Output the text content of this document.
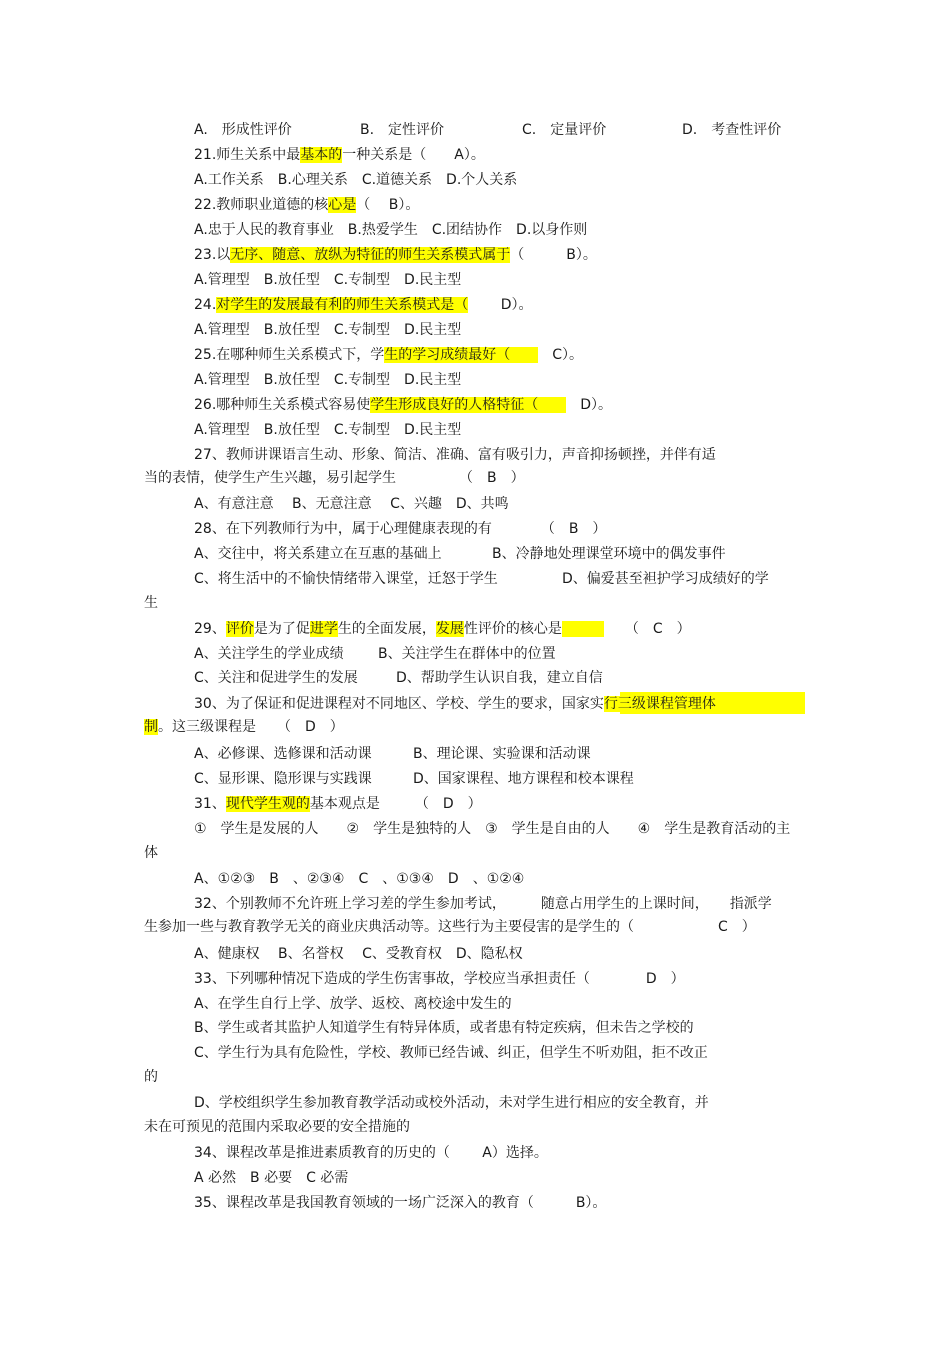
A.　形成性评价	B.　定性评价	C.　定量评价	D.　考查性评价
21.师生关系中最基本的一种关系是（　　A）。
A.工作关系　B.心理关系　C.道德关系　D.个人关系
22.教师职业道德的核心是（　 B）。
A.忠于人民的教育事业　B.热爱学生　C.团结协作　D.以身作则
23.以无序、随意、放纵为特征的师生关系模式属于（　　　B）。
A.管理型　B.放任型　C.专制型　D.民主型
24.对学生的发展最有利的师生关系模式是（　 　D）。
A.管理型　B.放任型　C.专制型　D.民主型
25.在哪种师生关系模式下，学生的学习成绩最好（　　　C）。
A.管理型　B.放任型　C.专制型　D.民主型
26.哪种师生关系模式容易使学生形成良好的人格特征（　　　D）。
A.管理型　B.放任型　C.专制型　D.民主型
27、教师讲课语言生动、形象、简洁、准确、富有吸引力，声音抑扬顿挫，并伴有适
当的表情，使学生产生兴趣，易引起学生　　　　　（　B　）
A、有意注意　 B、无意注意　 C、兴趣　D、共鸣
28、在下列教师行为中，属于心理健康表现的有　　　　（　B　）
A、交往中，将关系建立在互惠的基础上	B、冷静地处理课堂环境中的偶发事件
C、将生活中的不愉快情绪带入课堂，迁怒于学生	D、偏爱甚至袒护学习成绩好的学
生
29、评价是为了促进学生的全面发展，发展性评价的核心是　　　	　　（　C　）
A、关注学生的学业成绩 B、关注学生在群体中的位置
C、关注和促进学生的发展	D、帮助学生认识自我，建立自信
30、为了保证和促进课程对不同地区、学校、学生的要求，国家实行三级课程管理体
制。这三级课程是　　（　D　）
A、必修课、选修课和活动课	B、理论课、实验课和活动课
C、显形课、隐形课与实践课	D、国家课程、地方课程和校本课程
31、现代学生观的基本观点是　　　（　D　）
①　学生是发展的人　　②　学生是独特的人　③　学生是自由的人　　④　学生是教育活动的主
体
A、①②③　B　、②③④　C　、①③④　D　、①②④
32、个别教师不允许班上学习差的学生参加考试，　　　随意占用学生的上课时间，　　指派学
生参加一些与教育教学无关的商业庆典活动等。这些行为主要侵害的是学生的（　　　　　　C　）
A、健康权　 B、名誉权　 C、受教育权　D、隐私权
33、下列哪种情况下造成的学生伤害事故，学校应当承担责任（　　　　D　）
A、在学生自行上学、放学、返校、离校途中发生的
B、学生或者其监护人知道学生有特异体质，或者患有特定疾病，但未告之学校的
C、学生行为具有危险性，学校、教师已经告诫、纠正，但学生不听劝阻，拒不改正
的
D、学校组织学生参加教育教学活动或校外活动，未对学生进行相应的安全教育，并
未在可预见的范围内采取必要的安全措施的
34、课程改革是推进素质教育的历史的（　　 A）选择。
A 必然　B 必要　C 必需
35、课程改革是我国教育领域的一场广泛深入的教育（　　　B）。
